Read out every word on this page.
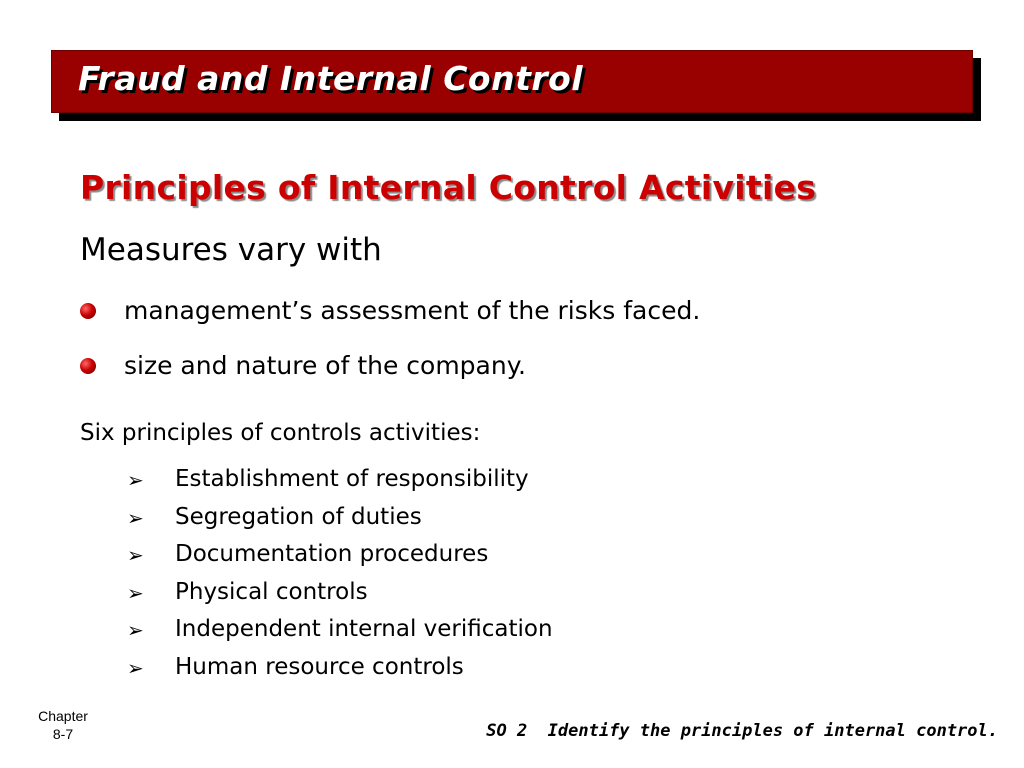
Fraud and Internal Control
Principles of Internal Control Activities
Measures vary with
management’s assessment of the risks faced.
size and nature of the company.
Six principles of controls activities:
➢ Establishment of responsibility
➢ Segregation of duties
➢ Documentation procedures
➢ Physical controls
➢ Independent internal verification
➢ Human resource controls
Chapter
8-7	SO 2  Identify the principles of internal control.
